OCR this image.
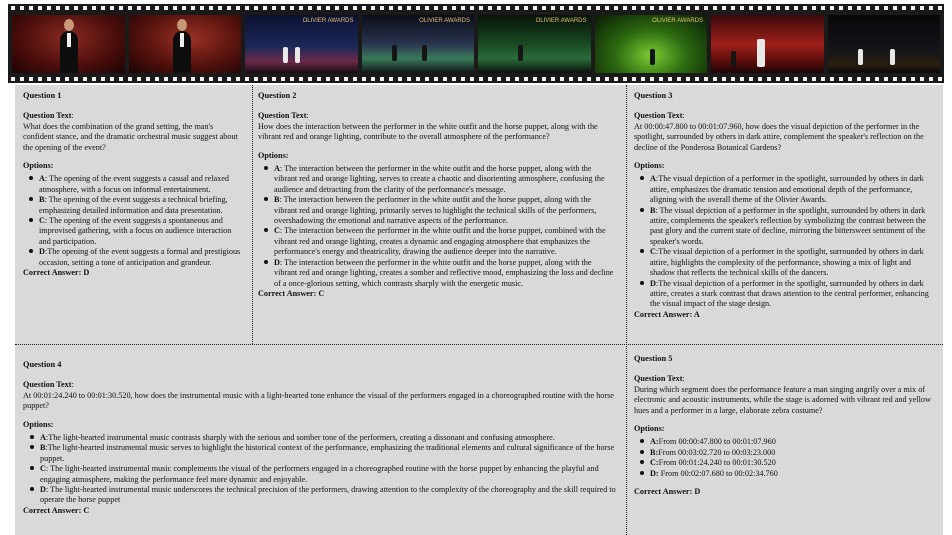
OLIVIER AWARDS	OLIVIER AWARDS	OLIVIER AWARDS	OLIVIER AWARDS
Question 1
Question Text:
What does the combination of the grand setting, the man's confident stance, and the dramatic orchestral music suggest about the opening of the event?
Options:
A: The opening of the event suggests a casual and relaxed atmosphere, with a focus on informal entertainment.
B: The opening of the event suggests a technical briefing, emphasizing detailed information and data presentation.
C: The opening of the event suggests a spontaneous and improvised gathering, with a focus on audience interaction and participation.
D:The opening of the event suggests a formal and prestigious occasion, setting a tone of anticipation and grandeur.
Correct Answer: D
Question 2
Question Text:
How does the interaction between the performer in the white outfit and the horse puppet, along with the vibrant red and orange lighting, contribute to the overall atmosphere of the performance?
Options:
A: The interaction between the performer in the white outfit and the horse puppet, along with the vibrant red and orange lighting, serves to create a chaotic and disorienting atmosphere, confusing the audience and detracting from the clarity of the performance's message.
B: The interaction between the performer in the white outfit and the horse puppet, along with the vibrant red and orange lighting, primarily serves to highlight the technical skills of the performers, overshadowing the emotional and narrative aspects of the performance.
C: The interaction between the performer in the white outfit and the horse puppet, combined with the vibrant red and orange lighting, creates a dynamic and engaging atmosphere that emphasizes the performance's energy and theatricality, drawing the audience deeper into the narrative.
D: The interaction between the performer in the white outfit and the horse puppet, along with the vibrant red and orange lighting, creates a somber and reflective mood, emphasizing the loss and decline of a once-glorious setting, which contrasts sharply with the energetic music.
Correct Answer: C
Question 3
Question Text:
At 00:00:47.800 to 00:01:07.960, how does the visual depiction of the performer in the spotlight, surrounded by others in dark attire, complement the speaker's reflection on the decline of the Ponderosa Botanical Gardens?
Options:
A:The visual depiction of a performer in the spotlight, surrounded by others in dark attire, emphasizes the dramatic tension and emotional depth of the performance, aligning with the overall theme of the Olivier Awards.
B: The visual depiction of a performer in the spotlight, surrounded by others in dark attire, complements the speaker's reflection by symbolizing the contrast between the past glory and the current state of decline, mirroring the bittersweet sentiment of the speaker's words.
C:The visual depiction of a performer in the spotlight, surrounded by others in dark attire, highlights the complexity of the performance, showing a mix of light and shadow that reflects the technical skills of the dancers.
D:The visual depiction of a performer in the spotlight, surrounded by others in dark attire, creates a stark contrast that draws attention to the central performer, enhancing the visual impact of the stage design.
Correct Answer: A
Question 4
Question Text:
At 00:01:24.240 to 00:01:30.520, how does the instrumental music with a light-hearted tone enhance the visual of the performers engaged in a choreographed routine with the horse puppet?
Options:
A:The light-hearted instrumental music contrasts sharply with the serious and somber tone of the performers, creating a dissonant and confusing atmosphere.
B:The light-hearted instrumental music serves to highlight the historical context of the performance, emphasizing the traditional elements and cultural significance of the horse puppet.
C: The light-hearted instrumental music complements the visual of the performers engaged in a choreographed routine with the horse puppet by enhancing the playful and engaging atmosphere, making the performance feel more dynamic and enjoyable.
D: The light-hearted instrumental music underscores the technical precision of the performers, drawing attention to the complexity of the choreography and the skill required to operate the horse puppet
Correct Answer: C
Question 5
Question Text:
During which segment does the performance feature a man singing angrily over a mix of electronic and acoustic instruments, while the stage is adorned with vibrant red and yellow hues and a performer in a large, elaborate zebra costume?
Options:
A:From 00:00:47.800 to 00:01:07.960
B:From 00:03:02.720 to 00:03:23.000
C:From 00:01:24.240 to 00:01:30.520
D: From 00:02:07.680 to 00:02:34.760
Correct Answer: D
